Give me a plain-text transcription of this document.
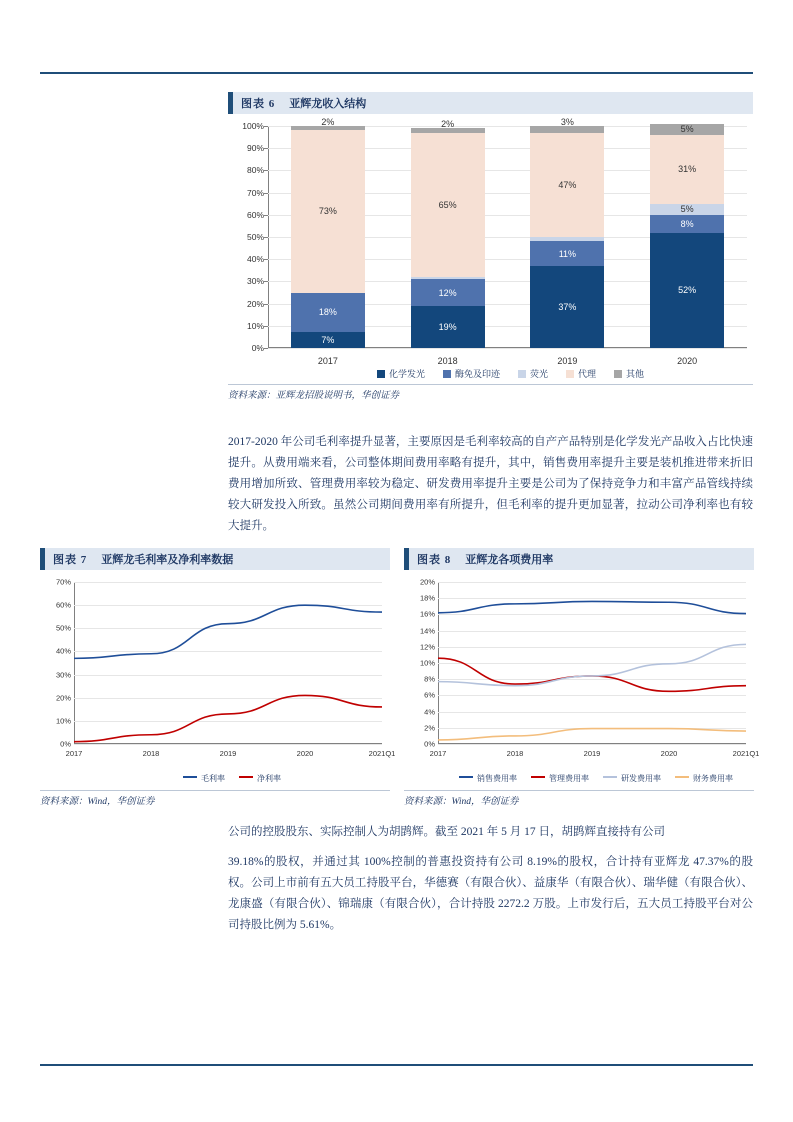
图表 6	亚辉龙收入结构
0%
10%
20%
30%
40%
50%
60%
70%
80%
90%
100%
7%
18%
73%
2%
2017
19%
12%
65%
2%
2018
37%
11%
47%
3%
2019
52%
8%
5%
31%
5%
2020
化学发光	酶免及印迹	荧光	代理	其他
资料来源：亚辉龙招股说明书，华创证券
2017-2020 年公司毛利率提升显著，主要原因是毛利率较高的自产产品特别是化学发光产品收入占比快速提升。从费用端来看，公司整体期间费用率略有提升，其中，销售费用率提升主要是装机推进带来折旧费用增加所致、管理费用率较为稳定、研发费用率提升主要是公司为了保持竞争力和丰富产品管线持续较大研发投入所致。虽然公司期间费用率有所提升，但毛利率的提升更加显著，拉动公司净利率也有较大提升。
图表 7	亚辉龙毛利率及净利率数据
0%
10%
20%
30%
40%
50%
60%
70%
2017	2018	2019	2020	2021Q1
毛利率	净利率
资料来源：Wind，华创证券
图表 8	亚辉龙各项费用率
0%
2%
4%
6%
8%
10%
12%
14%
16%
18%
20%
2017	2018	2019	2020	2021Q1
销售费用率	管理费用率	研发费用率	财务费用率
资料来源：Wind，华创证券
公司的控股股东、实际控制人为胡鹍辉。截至 2021 年 5 月 17 日，胡鹍辉直接持有公司
39.18%的股权，并通过其 100%控制的普惠投资持有公司 8.19%的股权，合计持有亚辉龙 47.37%的股权。公司上市前有五大员工持股平台，华德赛（有限合伙）、益康华（有限合伙）、瑞华健（有限合伙）、龙康盛（有限合伙）、锦瑞康（有限合伙），合计持股 2272.2 万股。上市发行后，五大员工持股平台对公司持股比例为 5.61%。
